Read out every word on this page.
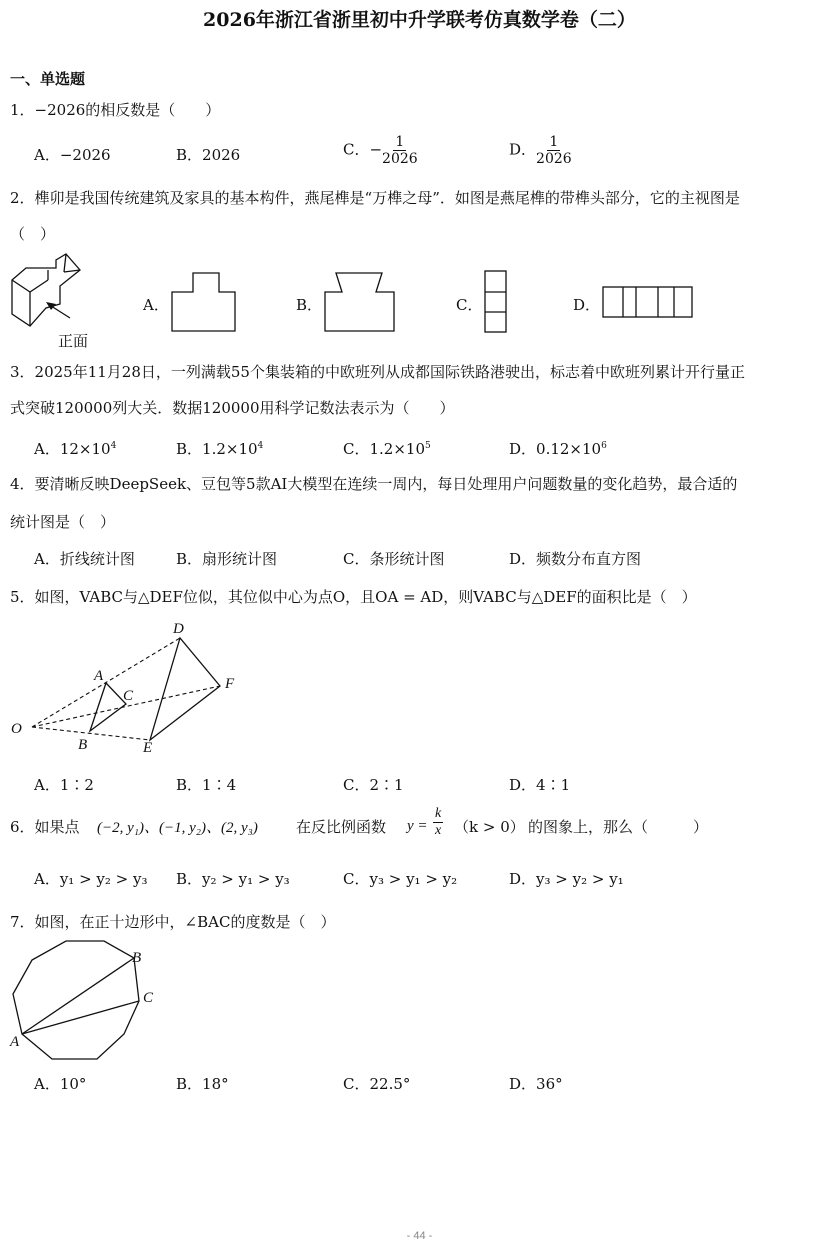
2026年浙江省浙里初中升学联考仿真数学卷（二）
一、单选题
1．−2026的相反数是（　　）
A．−2026	B．2026	C．− $\frac{1}{2026}$	D． $\frac{1}{2026}$
2．榫卯是我国传统建筑及家具的基本构件，燕尾榫是“万榫之母”．如图是燕尾榫的带榫头部分，它的主视图是
（　）
正面
A．	B．	C．	D．
3．2025年11月28日，一列满载55个集装箱的中欧班列从成都国际铁路港驶出，标志着中欧班列累计开行量正
式突破120000列大关．数据120000用科学记数法表示为（　　）
A．$12\times 10^4$	B．$1.2\times 10^4$	C．$1.2\times 10^5$	D．$0.12\times 10^6$
4．要清晰反映DeepSeek、豆包等5款AI大模型在连续一周内，每日处理用户问题数量的变化趋势，最合适的
统计图是（　）
A．折线统计图	B．扇形统计图	C．条形统计图	D．频数分布直方图
5．如图，VABC与△DEF位似，其位似中心为点O，且OA = AD，则VABC与△DEF的面积比是（　）
O
A
B
C
D
E
F
A．1∶2	B．1∶4	C．2∶1	D．4∶1
6．如果点 (−2, y₁)、(−1, y₂)、(2, y₃)	在反比例函数 $y = \frac{k}{x} (k > 0)$ 的图象上，那么（　　　）
A．y₁ > y₂ > y₃ B．y₂ > y₁ > y₃	C．y₃ > y₁ > y₂	D．y₃ > y₂ > y₁
7．如图，在正十边形中，∠BAC的度数是（　）
A
B
C
A．10°	B．18°	C．22.5°	D．36°
- 44 -
